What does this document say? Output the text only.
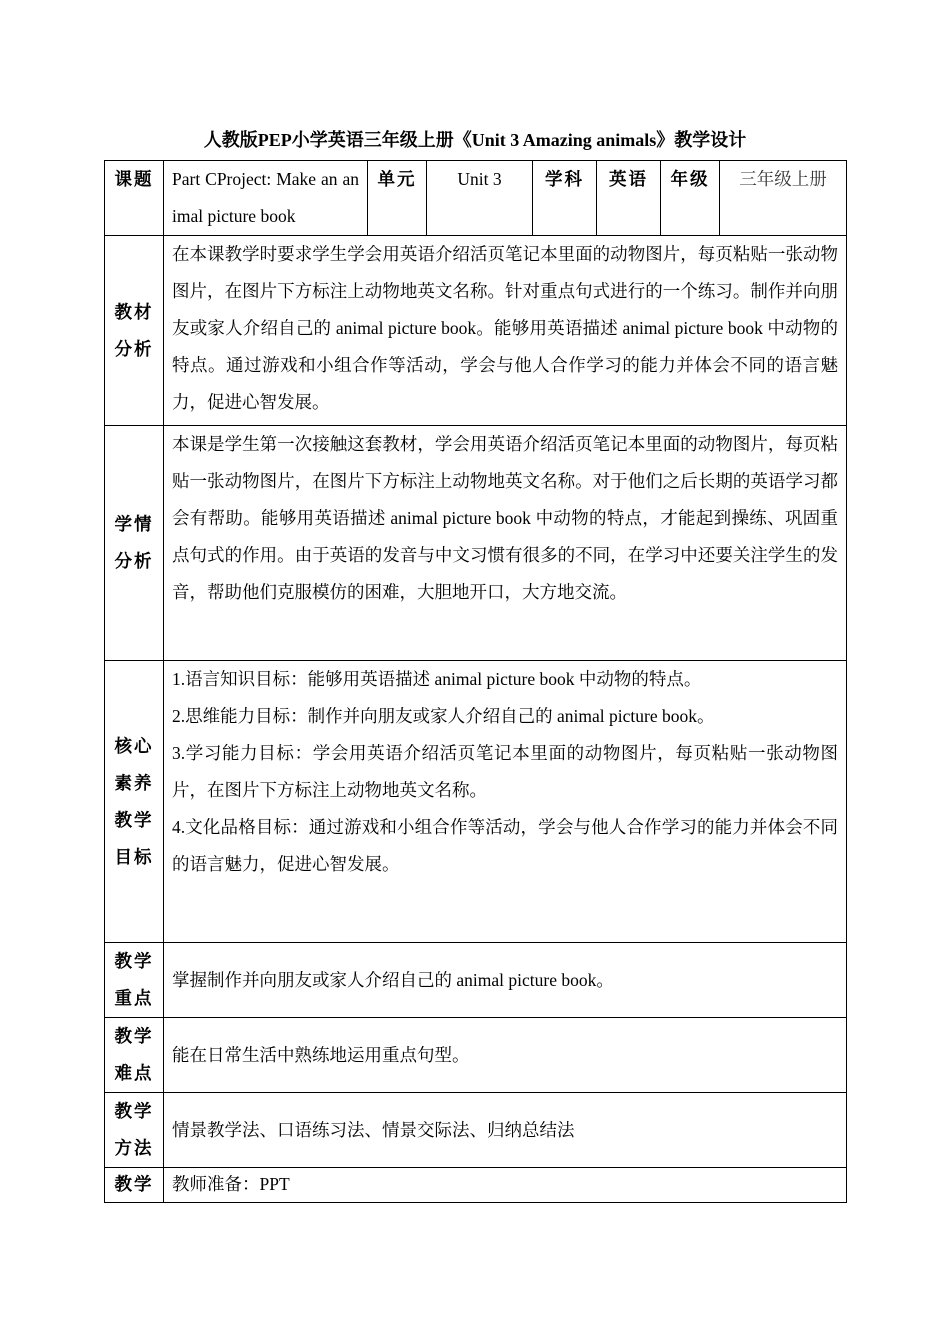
人教版PEP小学英语三年级上册《Unit 3 Amazing animals》教学设计
课题	Part CProject: Make an animal picture book	单元	Unit 3	学科	英语	年级	三年级上册

教材
分析	在本课教学时要求学生学会用英语介绍活页笔记本里面的动物图片，每页粘贴一张动物图片，在图片下方标注上动物地英文名称。针对重点句式进行的一个练习。制作并向朋友或家人介绍自己的 animal picture book。能够用英语描述 animal picture book 中动物的特点。通过游戏和小组合作等活动，学会与他人合作学习的能力并体会不同的语言魅力，促进心智发展。						

学情
分析	本课是学生第一次接触这套教材，学会用英语介绍活页笔记本里面的动物图片，每页粘贴一张动物图片，在图片下方标注上动物地英文名称。对于他们之后长期的英语学习都会有帮助。能够用英语描述 animal picture book 中动物的特点，才能起到操练、巩固重点句式的作用。由于英语的发音与中文习惯有很多的不同，在学习中还要关注学生的发音，帮助他们克服模仿的困难，大胆地开口，大方地交流。						

核心
素养
教学
目标	1.语言知识目标：能够用英语描述 animal picture book 中动物的特点。
2.思维能力目标：制作并向朋友或家人介绍自己的 animal picture book。
3.学习能力目标：学会用英语介绍活页笔记本里面的动物图片，每页粘贴一张动物图片，在图片下方标注上动物地英文名称。
4.文化品格目标：通过游戏和小组合作等活动，学会与他人合作学习的能力并体会不同的语言魅力，促进心智发展。						

教学
重点	掌握制作并向朋友或家人介绍自己的 animal picture book。						

教学
难点	能在日常生活中熟练地运用重点句型。						

教学
方法	情景教学法、口语练习法、情景交际法、归纳总结法						
教学	教师准备：PPT						
